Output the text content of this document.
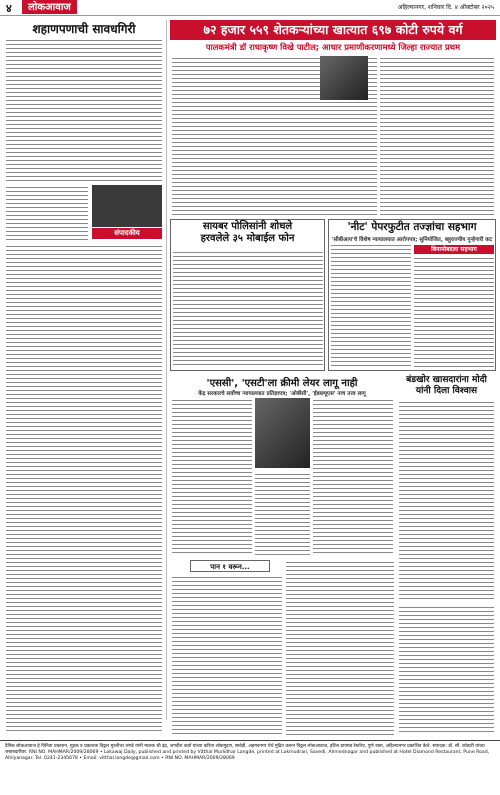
४	लोकआवाज	अहिल्यानगर, शनिवार दि. ४ ऑक्टोबर २०२५
शहाणपणाची सावधगिरी
संपादकीय
७२ हजार ५५९ शेतकऱ्यांच्या खात्यात ६९७ कोटी रुपये वर्ग
पालकमंत्री डॉ राधाकृष्ण विखे पाटील; आधार प्रमाणीकरणामध्ये जिल्हा राज्यात प्रथम
सायबर पोलिसांनी शोधले
हरवलेले ३५ मोबाईल फोन
'नीट' पेपरफुटीत तज्ज्ञांचा सहभाग
'सीबीआय'चे विशेष न्यायालयात आरोपपत्र; सुनियोजित, बहुराज्यीय गुन्हेगारी कट
विनामोबदला सहभाग
'एससी', 'एसटी'ला क्रीमी लेयर लागू नाही
केंद्र सरकारचे सर्वोच्च न्यायालयात प्रतिज्ञापत्र; 'ओबीसी', 'ईडब्ल्यूएस' नाच तत्त्व लागू
बंडखोर खासदारांना मोदी
यांनी दिला विश्वास
पान १ वरून...
दैनिक लोकआवाज हे विनिता प्रकाशन, मुद्रक व प्रकाशक विठ्ठल मुरलीधर लंगडे यांनी मालक श्री इंद्र, जगदीश कर्वा यांच्या करिता लोकमुद्रण, सावेडी, अहमदनगर येथे मुद्रित करून विठ्ठल लोकआवाज, हॉटेल डायमंड रेस्टॉरंट, पुणे रस्ता, अहिल्यानगर प्रकाशित केले. संपादक: डॉ. सी. कोठारी यांच्या जबाबदारीवर. RNI NO. MAHMAR/2009/28069 • Lokawaj Daily, published and printed by Vitthal Murlidhar Langde, printed at Lokmudran, Savedi, Ahmednagar and published at Hotel Diamond Restaurant, Pune Road, Ahilyanagar. Tel. 0241-2345678 • Email: vitthal.langde@gmail.com • RNI NO. MAHMAR/2009/28069
